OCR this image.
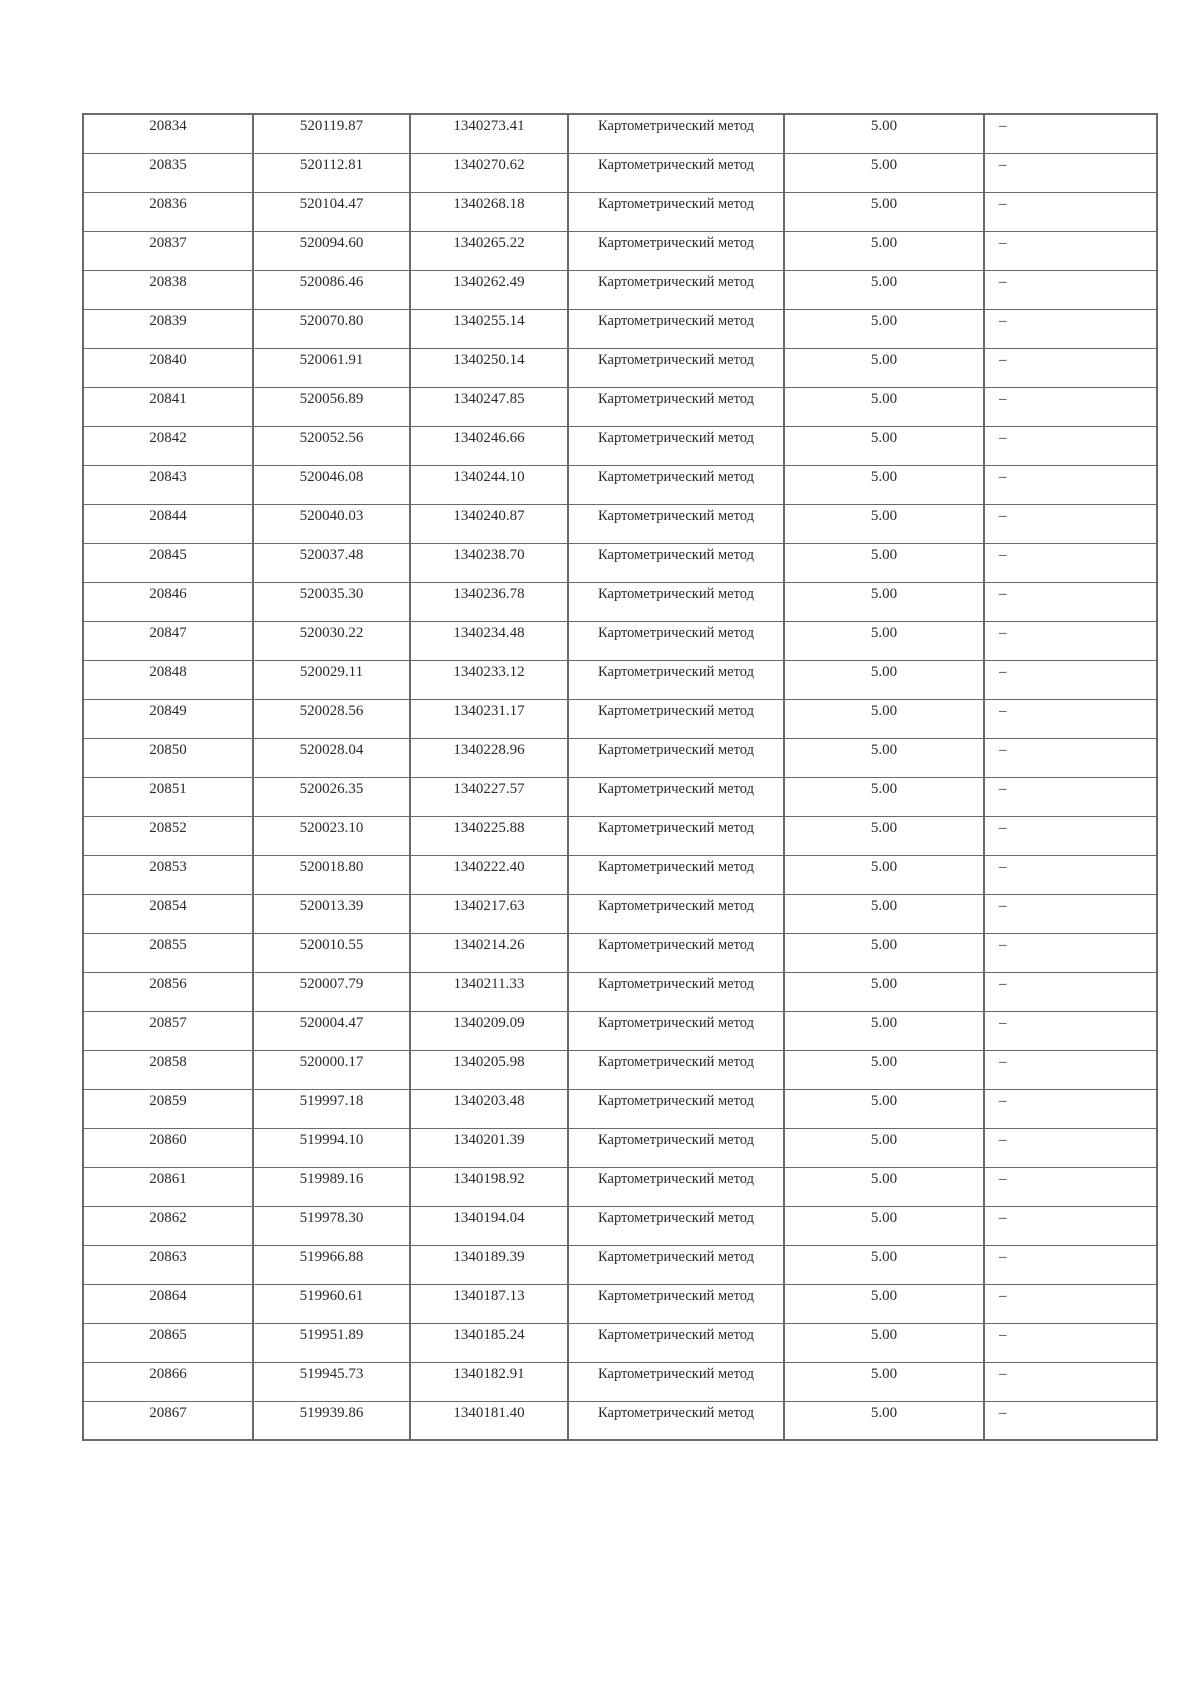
20834	520119.87	1340273.41	Картометрический метод	5.00	–
20835	520112.81	1340270.62	Картометрический метод	5.00	–
20836	520104.47	1340268.18	Картометрический метод	5.00	–
20837	520094.60	1340265.22	Картометрический метод	5.00	–
20838	520086.46	1340262.49	Картометрический метод	5.00	–
20839	520070.80	1340255.14	Картометрический метод	5.00	–
20840	520061.91	1340250.14	Картометрический метод	5.00	–
20841	520056.89	1340247.85	Картометрический метод	5.00	–
20842	520052.56	1340246.66	Картометрический метод	5.00	–
20843	520046.08	1340244.10	Картометрический метод	5.00	–
20844	520040.03	1340240.87	Картометрический метод	5.00	–
20845	520037.48	1340238.70	Картометрический метод	5.00	–
20846	520035.30	1340236.78	Картометрический метод	5.00	–
20847	520030.22	1340234.48	Картометрический метод	5.00	–
20848	520029.11	1340233.12	Картометрический метод	5.00	–
20849	520028.56	1340231.17	Картометрический метод	5.00	–
20850	520028.04	1340228.96	Картометрический метод	5.00	–
20851	520026.35	1340227.57	Картометрический метод	5.00	–
20852	520023.10	1340225.88	Картометрический метод	5.00	–
20853	520018.80	1340222.40	Картометрический метод	5.00	–
20854	520013.39	1340217.63	Картометрический метод	5.00	–
20855	520010.55	1340214.26	Картометрический метод	5.00	–
20856	520007.79	1340211.33	Картометрический метод	5.00	–
20857	520004.47	1340209.09	Картометрический метод	5.00	–
20858	520000.17	1340205.98	Картометрический метод	5.00	–
20859	519997.18	1340203.48	Картометрический метод	5.00	–
20860	519994.10	1340201.39	Картометрический метод	5.00	–
20861	519989.16	1340198.92	Картометрический метод	5.00	–
20862	519978.30	1340194.04	Картометрический метод	5.00	–
20863	519966.88	1340189.39	Картометрический метод	5.00	–
20864	519960.61	1340187.13	Картометрический метод	5.00	–
20865	519951.89	1340185.24	Картометрический метод	5.00	–
20866	519945.73	1340182.91	Картометрический метод	5.00	–
20867	519939.86	1340181.40	Картометрический метод	5.00	–
